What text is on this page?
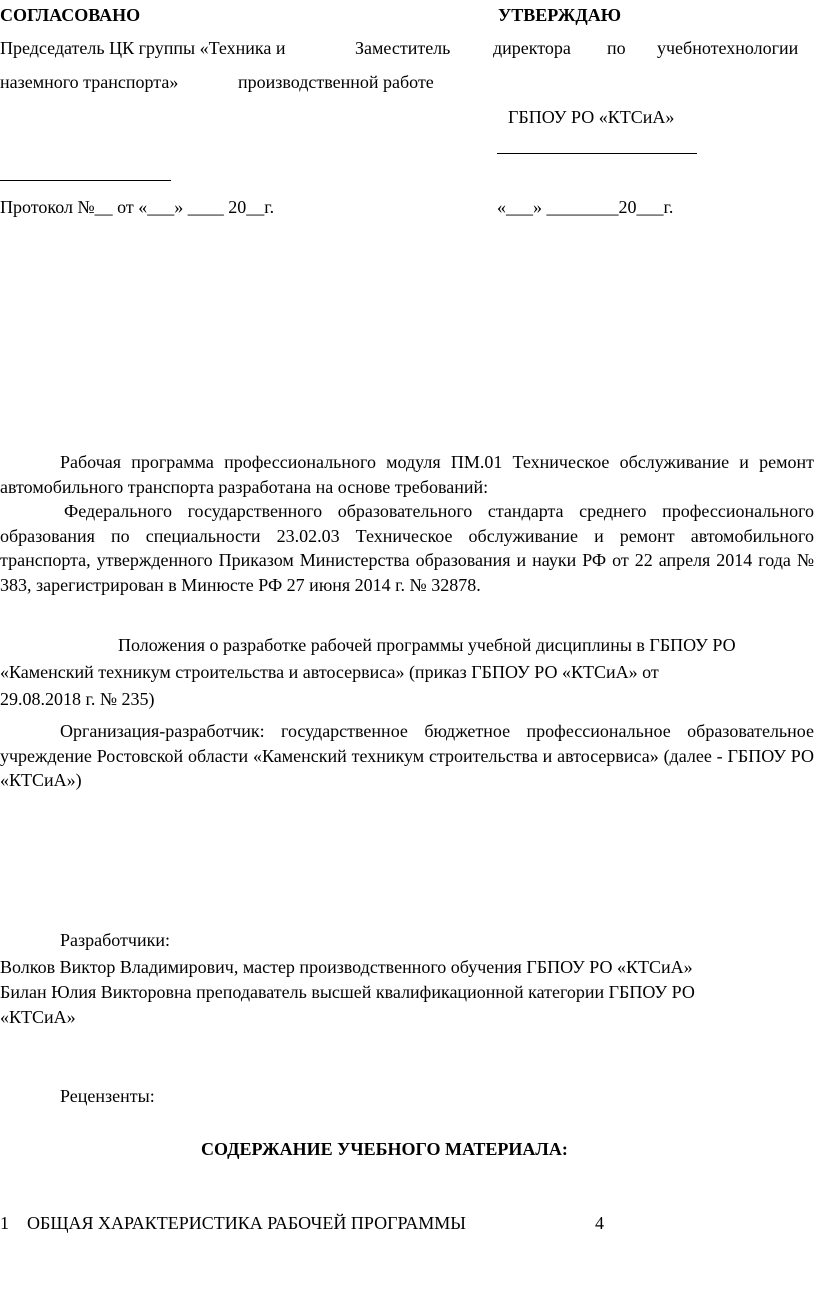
СОГЛАСОВАНО	УТВЕРЖДАЮ
Председатель ЦК группы «Техника и	Заместитель директора по учебнотехнологии
наземного транспорта»	производственной работе
ГБПОУ РО «КТСиА»
Протокол №__ от «___» ____ 20__г.	«___» ________20___г.

Рабочая программа профессионального модуля ПМ.01 Техническое обслуживание и ремонт автомобильного транспорта разработана на основе требований:

Федерального государственного образовательного стандарта среднего профессионального образования по специальности 23.02.03 Техническое обслуживание и ремонт автомобильного транспорта, утвержденного Приказом Министерства образования и науки РФ от 22 апреля 2014 года № 383, зарегистрирован в Минюсте РФ 27 июня 2014 г. № 32878.

Положения о разработке рабочей программы учебной дисциплины в ГБПОУ РО
«Каменский техникум строительства и автосервиса» (приказ ГБПОУ РО «КТСиА» от
29.08.2018 г. № 235)

Организация-разработчик: государственное бюджетное профессиональное образовательное учреждение Ростовской области «Каменский техникум строительства и автосервиса» (далее - ГБПОУ РО «КТСиА»)

Разработчики:
Волков Виктор Владимирович, мастер производственного обучения ГБПОУ РО «КТСиА»
Билан Юлия Викторовна преподаватель высшей квалификационной категории ГБПОУ РО
«КТСиА»
Рецензенты:
СОДЕРЖАНИЕ УЧЕБНОГО МАТЕРИАЛА:
1 ОБЩАЯ ХАРАКТЕРИСТИКА РАБОЧЕЙ ПРОГРАММЫ	4
